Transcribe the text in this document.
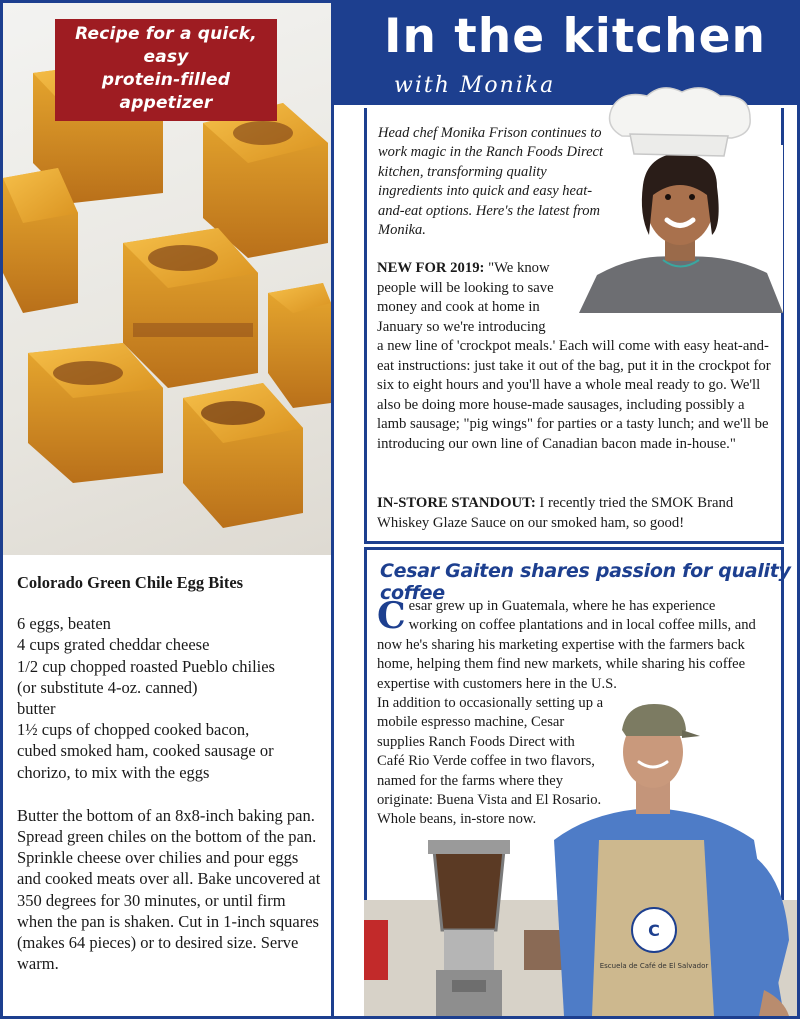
Recipe for a quick, easy
protein-filled appetizer
Colorado Green Chile Egg Bites

6 eggs, beaten

4 cups grated cheddar cheese

1/2 cup chopped roasted Pueblo chilies

(or substitute 4-oz. canned)

butter

1½ cups of chopped cooked bacon,

cubed smoked ham, cooked sausage or

chorizo, to mix with the eggs

Butter the bottom of an 8x8-inch baking pan. Spread green chiles on the bottom of the pan. Sprinkle cheese over chilies and pour eggs and cooked meats over all. Bake uncovered at 350 degrees for 30 minutes, or until firm when the pan is shaken. Cut in 1-inch squares (makes 64 pieces) or to desired size. Serve warm.

In the kitchen
with Monika
Head chef Monika Frison continues to work magic in the Ranch Foods Direct kitchen, transforming quality ingredients into quick and easy heat-and-eat options. Here's the latest from Monika.
NEW FOR 2019: "We know people will be looking to save money and cook at home in January so we're introducing
a new line of 'crockpot meals.' Each will come with easy heat-and-eat instructions: just take it out of the bag, put it in the crockpot for six to eight hours and you'll have a whole meal ready to go. We'll also be doing more house-made sausages, including possibly a lamb sausage; "pig wings" for parties or a tasty lunch; and we'll be introducing our own line of Canadian bacon made in-house."
IN-STORE STANDOUT: I recently tried the SMOK Brand Whiskey Glaze Sauce on our smoked ham, so good!
Cesar Gaiten shares passion for quality coffee
C esar grew up in Guatemala, where he has experience working on coffee plantations and in local coffee mills, and now he's sharing his marketing expertise with the farmers back home, helping them find new markets, while sharing his coffee expertise with customers here in the U.S.
In addition to occasionally setting up a mobile espresso machine, Cesar supplies Ranch Foods Direct with Café Rio Verde coffee in two flavors, named for the farms where they originate: Buena Vista and El Rosario. Whole beans, in-store now.
C
Escuela de Café de El Salvador
